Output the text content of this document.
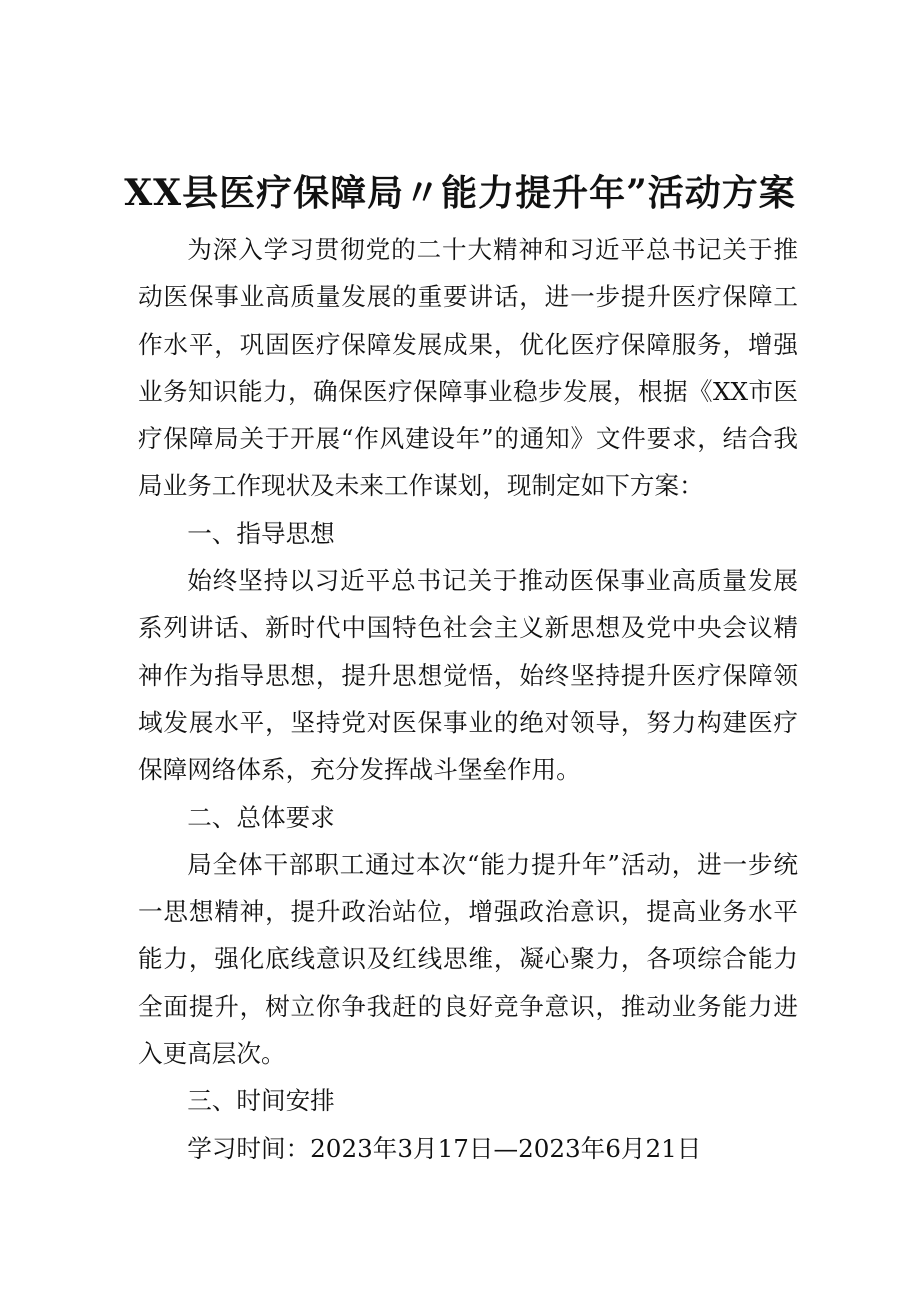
XX县医疗保障局〃能力提升年”活动方案

为深入学习贯彻党的二十大精神和习近平总书记关于推动医保事业高质量发展的重要讲话，进一步提升医疗保障工作水平，巩固医疗保障发展成果，优化医疗保障服务，增强业务知识能力，确保医疗保障事业稳步发展，根据《XX市医疗保障局关于开展“作风建设年”的通知》文件要求，结合我局业务工作现状及未来工作谋划，现制定如下方案：

一、指导思想

始终坚持以习近平总书记关于推动医保事业高质量发展系列讲话、新时代中国特色社会主义新思想及党中央会议精神作为指导思想，提升思想觉悟，始终坚持提升医疗保障领域发展水平，坚持党对医保事业的绝对领导，努力构建医疗保障网络体系，充分发挥战斗堡垒作用。

二、总体要求

局全体干部职工通过本次“能力提升年”活动，进一步统一思想精神，提升政治站位，增强政治意识，提高业务水平能力，强化底线意识及红线思维，凝心聚力，各项综合能力全面提升，树立你争我赶的良好竞争意识，推动业务能力进入更高层次。

三、时间安排

学习时间：2023年3月17日—2023年6月21日
